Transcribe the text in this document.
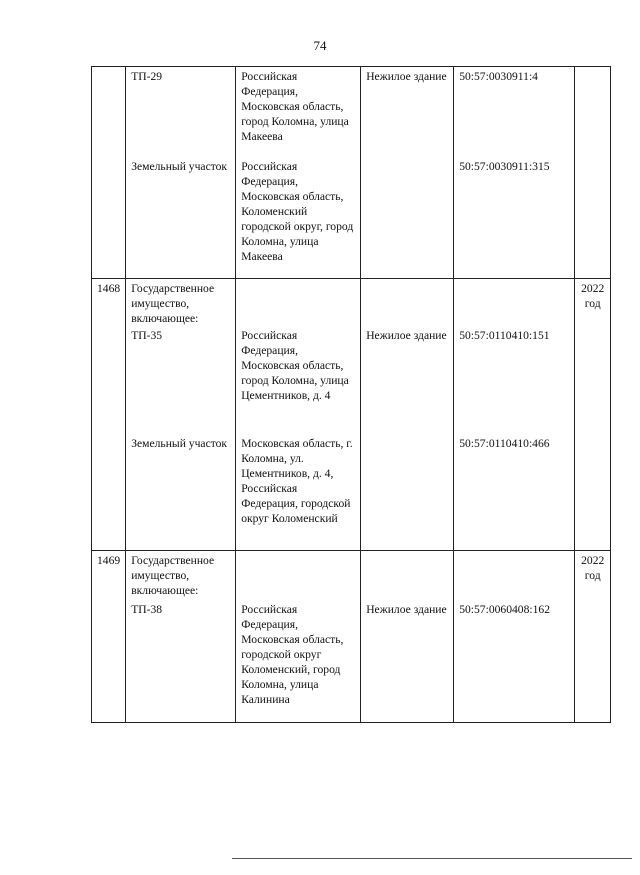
74
	ТП-29	Российская Федерация, Московская область, город Коломна, улица Макеева	Нежилое здание	50:57:0030911:4	
	Земельный участок	Российская Федерация, Московская область, Коломенский городской округ, город Коломна, улица Макеева		50:57:0030911:315	
1468	Государственное имущество, включающее:				2022 год
	ТП-35	Российская Федерация, Московская область, город Коломна, улица Цементников, д. 4	Нежилое здание	50:57:0110410:151	
	Земельный участок	Московская область, г. Коломна, ул. Цементников, д. 4, Российская Федерация, городской округ Коломенский		50:57:0110410:466	
1469	Государственное имущество, включающее:				2022 год
	ТП-38	Российская Федерация, Московская область, городской округ Коломенский, город Коломна, улица Калинина	Нежилое здание	50:57:0060408:162	
